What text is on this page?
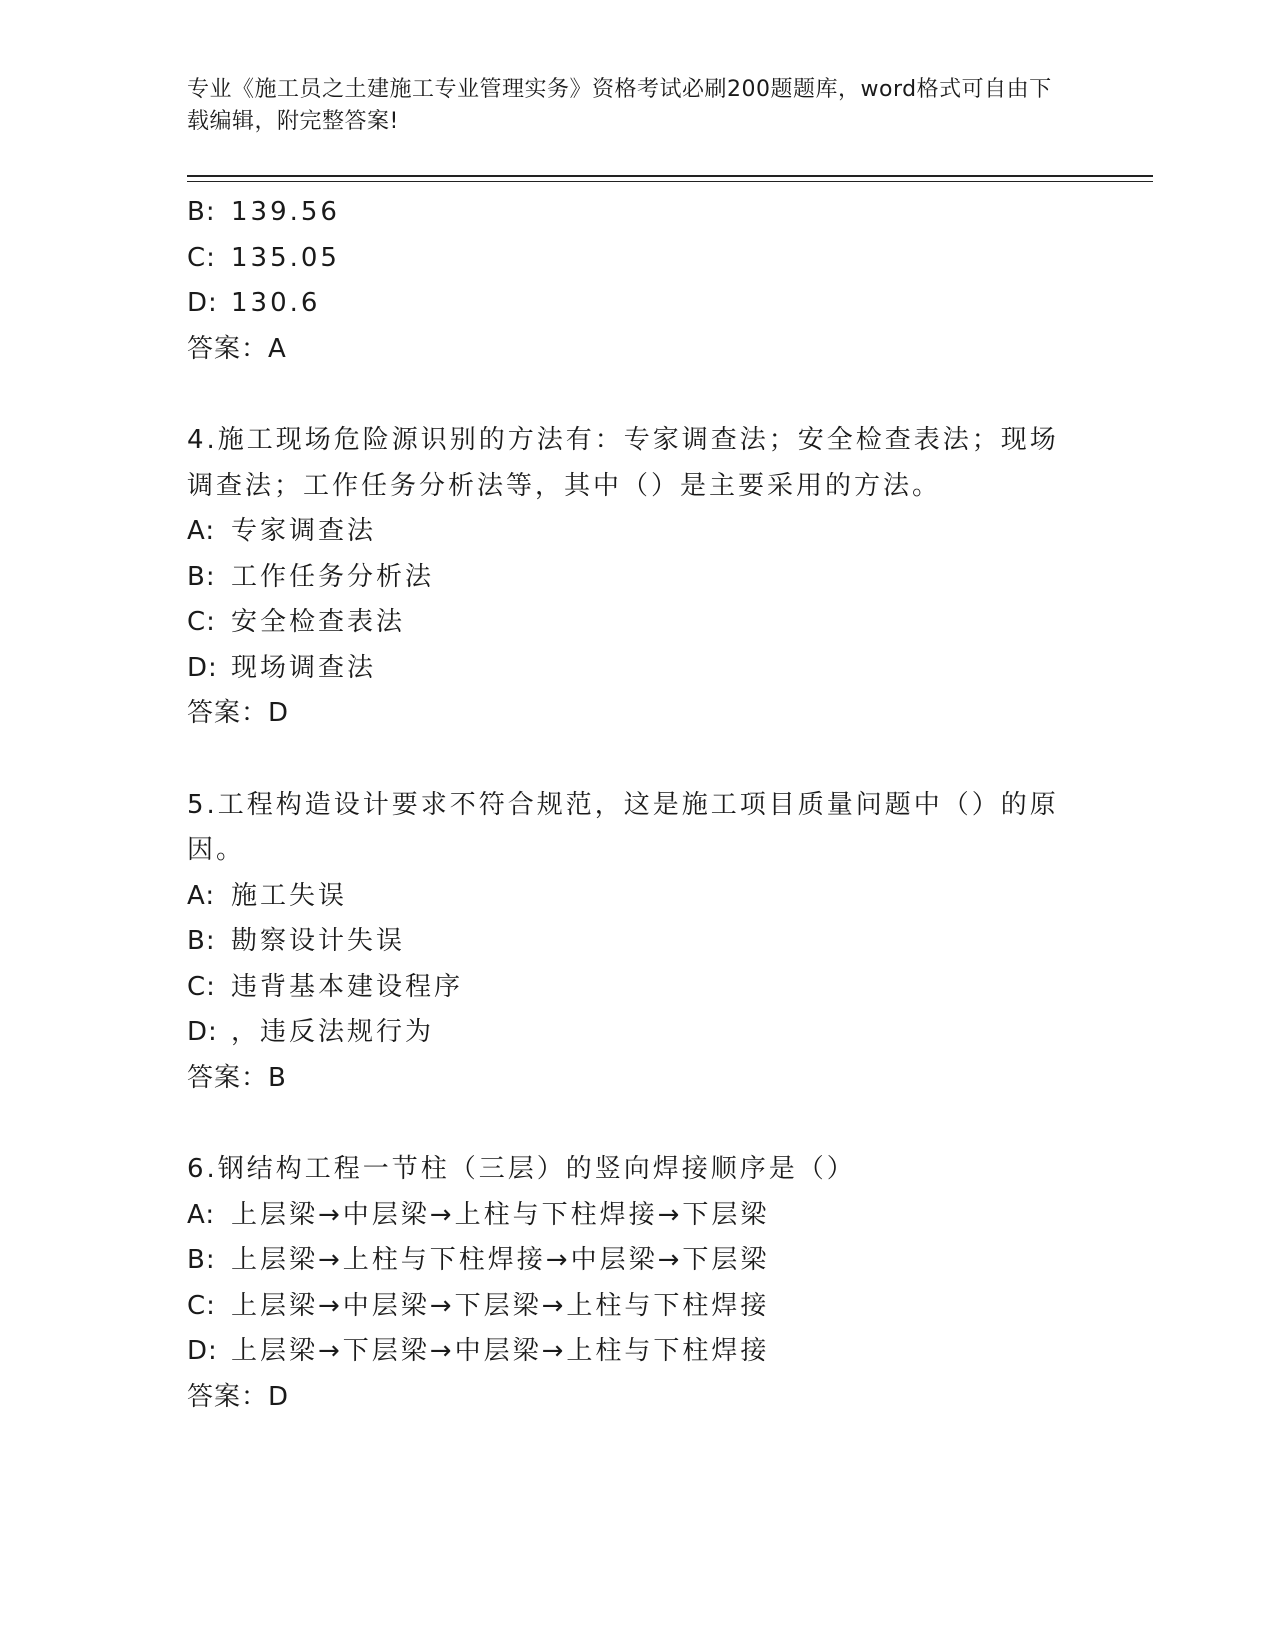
专业《施工员之土建施工专业管理实务》资格考试必刷200题题库，word格式可自由下载编辑，附完整答案!
B: 139.56
C: 135.05
D: 130.6
答案：A
4.施工现场危险源识别的方法有：专家调查法；安全检查表法；现场调查法；工作任务分析法等，其中（）是主要采用的方法。
A: 专家调查法
B: 工作任务分析法
C: 安全检查表法
D: 现场调查法
答案：D
5.工程构造设计要求不符合规范，这是施工项目质量问题中（）的原因。
A: 施工失误
B: 勘察设计失误
C: 违背基本建设程序
D: ，违反法规行为
答案：B
6.钢结构工程一节柱（三层）的竖向焊接顺序是（）
A: 上层梁→中层梁→上柱与下柱焊接→下层梁
B: 上层梁→上柱与下柱焊接→中层梁→下层梁
C: 上层梁→中层梁→下层梁→上柱与下柱焊接
D: 上层梁→下层梁→中层梁→上柱与下柱焊接
答案：D
